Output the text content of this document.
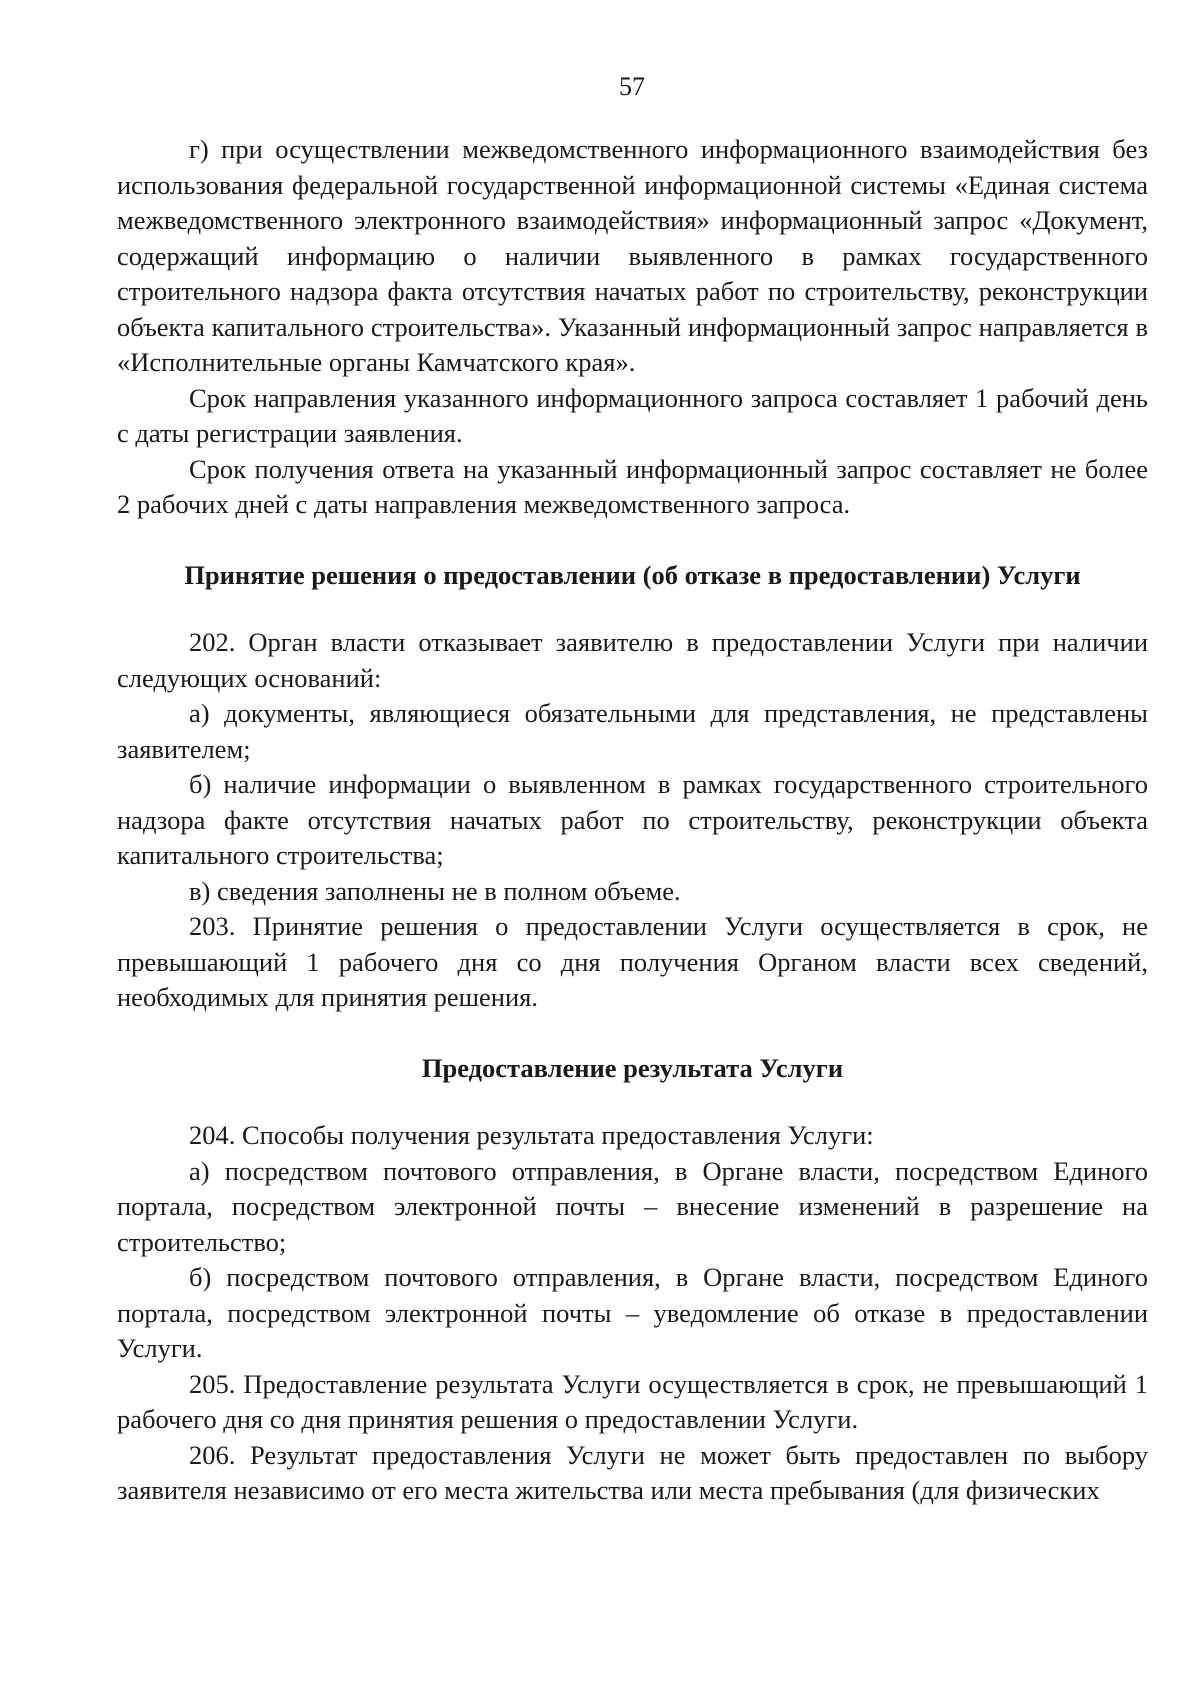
57

г) при осуществлении межведомственного информационного взаимодействия без использования федеральной государственной информационной системы «Единая система межведомственного электронного взаимодействия» информационный запрос «Документ, содержащий информацию о наличии выявленного в рамках государственного строительного надзора факта отсутствия начатых работ по строительству, реконструкции объекта капитального строительства». Указанный информационный запрос направляется в «Исполнительные органы Камчатского края».

Срок направления указанного информационного запроса составляет 1 рабочий день с даты регистрации заявления.

Срок получения ответа на указанный информационный запрос составляет не более 2 рабочих дней с даты направления межведомственного запроса.

Принятие решения о предоставлении (об отказе в предоставлении) Услуги

202. Орган власти отказывает заявителю в предоставлении Услуги при наличии следующих оснований:

а) документы, являющиеся обязательными для представления, не представлены заявителем;

б) наличие информации о выявленном в рамках государственного строительного надзора факте отсутствия начатых работ по строительству, реконструкции объекта капитального строительства;

в) сведения заполнены не в полном объеме.

203. Принятие решения о предоставлении Услуги осуществляется в срок, не превышающий 1 рабочего дня со дня получения Органом власти всех сведений, необходимых для принятия решения.

Предоставление результата Услуги

204. Способы получения результата предоставления Услуги:

а) посредством почтового отправления, в Органе власти, посредством Единого портала, посредством электронной почты – внесение изменений в разрешение на строительство;

б) посредством почтового отправления, в Органе власти, посредством Единого портала, посредством электронной почты – уведомление об отказе в предоставлении Услуги.

205. Предоставление результата Услуги осуществляется в срок, не превышающий 1 рабочего дня со дня принятия решения о предоставлении Услуги.

206. Результат предоставления Услуги не может быть предоставлен по выбору заявителя независимо от его места жительства или места пребывания (для физических
